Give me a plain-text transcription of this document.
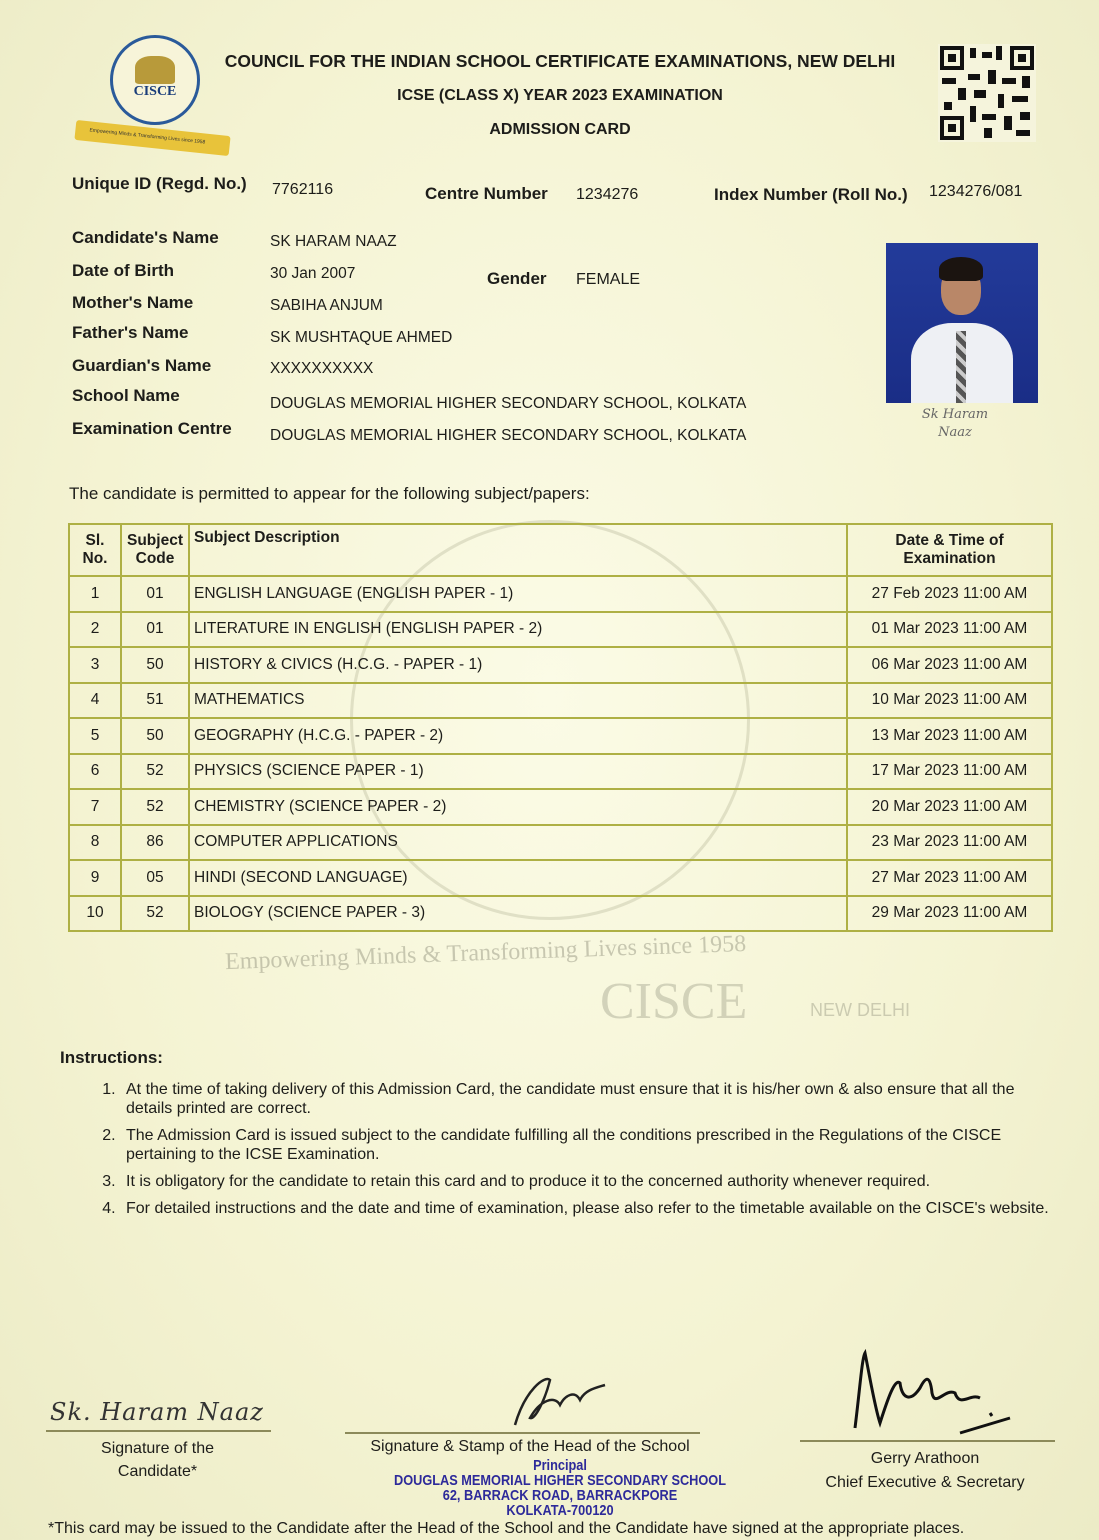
CISCE	NEW DELHI
Empowering Minds & Transforming Lives since 1958
CISCE
Empowering Minds & Transforming Lives since 1958
COUNCIL FOR THE INDIAN SCHOOL CERTIFICATE EXAMINATIONS, NEW DELHI
ICSE (CLASS X) YEAR 2023 EXAMINATION
ADMISSION CARD
Unique ID (Regd. No.) 7762116	Centre Number 1234276	Index Number (Roll No.) 1234276/081
Candidate's Name	SK HARAM NAAZ
Date of Birth	30 Jan 2007	Gender FEMALE
Mother's Name	SABIHA ANJUM
Father's Name	SK MUSHTAQUE AHMED
Guardian's Name	XXXXXXXXXX
School Name	DOUGLAS MEMORIAL HIGHER SECONDARY SCHOOL, KOLKATA
Examination Centre DOUGLAS MEMORIAL HIGHER SECONDARY SCHOOL, KOLKATA
Sk Haram Naaz
The candidate is permitted to appear for the following subject/papers:
Sl. No.	Subject Code	Subject Description	Date & Time of Examination
1	01	ENGLISH LANGUAGE (ENGLISH PAPER - 1)	27 Feb 2023 11:00 AM
2	01	LITERATURE IN ENGLISH (ENGLISH PAPER - 2)	01 Mar 2023 11:00 AM
3	50	HISTORY & CIVICS (H.C.G. - PAPER - 1)	06 Mar 2023 11:00 AM
4	51	MATHEMATICS	10 Mar 2023 11:00 AM
5	50	GEOGRAPHY (H.C.G. - PAPER - 2)	13 Mar 2023 11:00 AM
6	52	PHYSICS (SCIENCE PAPER - 1)	17 Mar 2023 11:00 AM
7	52	CHEMISTRY (SCIENCE PAPER - 2)	20 Mar 2023 11:00 AM
8	86	COMPUTER APPLICATIONS	23 Mar 2023 11:00 AM
9	05	HINDI (SECOND LANGUAGE)	27 Mar 2023 11:00 AM
10	52	BIOLOGY (SCIENCE PAPER - 3)	29 Mar 2023 11:00 AM
Instructions:
1. At the time of taking delivery of this Admission Card, the candidate must ensure that it is his/her own & also ensure that all the details printed are correct.
2. The Admission Card is issued subject to the candidate fulfilling all the conditions prescribed in the Regulations of the CISCE pertaining to the ICSE Examination.
3. It is obligatory for the candidate to retain this card and to produce it to the concerned authority whenever required.
4. For detailed instructions and the date and time of examination, please also refer to the timetable available on the CISCE's website.
Sk. Haram Naaz
Signature of the Candidate*
Signature & Stamp of the Head of the School
Principal
DOUGLAS MEMORIAL HIGHER SECONDARY SCHOOL
62, BARRACK ROAD, BARRACKPORE
KOLKATA-700120
Gerry Arathoon
Chief Executive & Secretary
*This card may be issued to the Candidate after the Head of the School and the Candidate have signed at the appropriate places.
